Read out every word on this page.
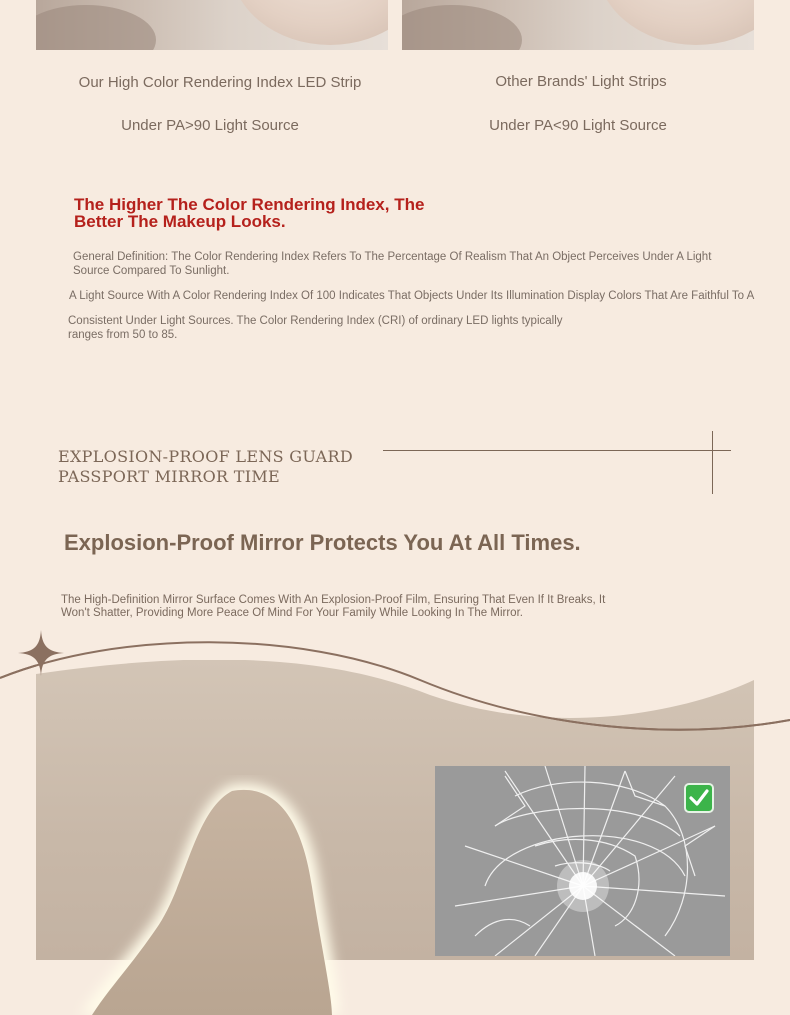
Our High Color Rendering Index LED Strip
Under PA>90 Light Source
Other Brands' Light Strips
Under PA<90 Light Source
The Higher The Color Rendering Index, The Better The Makeup Looks.
General Definition: The Color Rendering Index Refers To The Percentage Of Realism That An Object Perceives Under A Light Source Compared To Sunlight.
A Light Source With A Color Rendering Index Of 100 Indicates That Objects Under Its Illumination Display Colors That Are Faithful To A
Consistent Under Light Sources. The Color Rendering Index (CRI) of ordinary LED lights typically ranges from 50 to 85.
EXPLOSION-PROOF LENS GUARD
PASSPORT MIRROR TIME
Explosion-Proof Mirror Protects You At All Times.
The High-Definition Mirror Surface Comes With An Explosion-Proof Film, Ensuring That Even If It Breaks, It Won't Shatter, Providing More Peace Of Mind For Your Family While Looking In The Mirror.
